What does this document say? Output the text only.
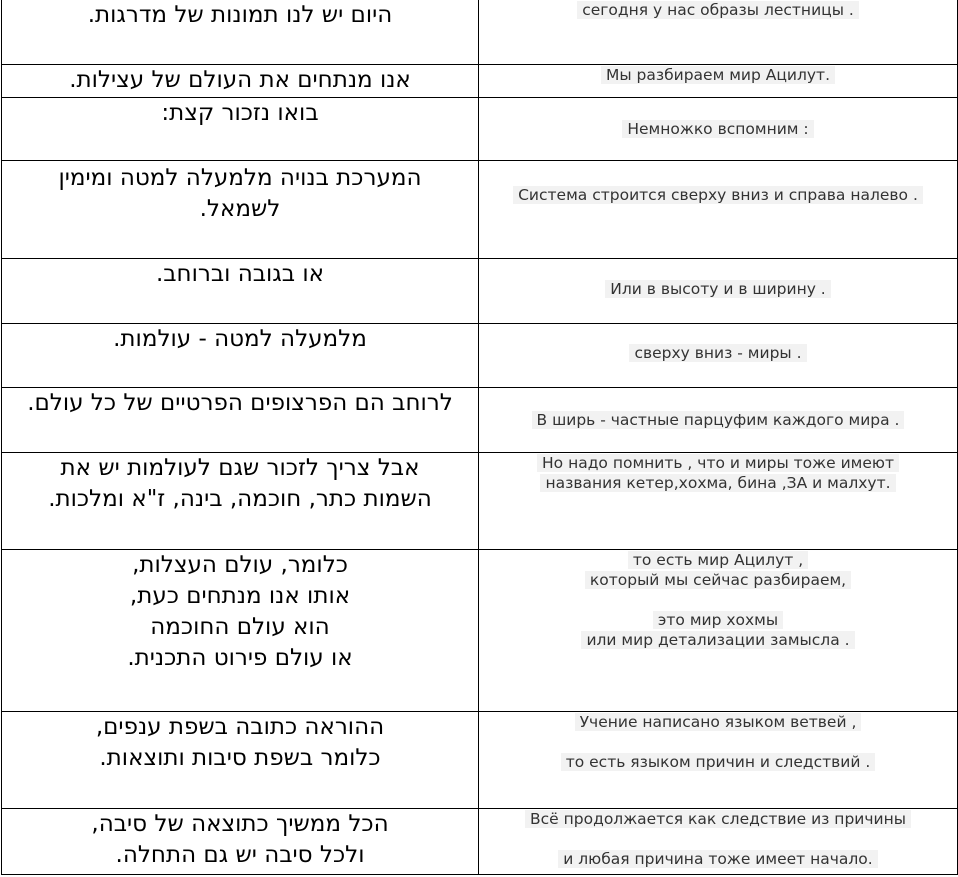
היום יש לנו תמונות של מדרגות.	сегодня у нас образы лестницы .

אנו מנתחים את העולם של עצילות.	Мы разбираем мир Ацилут.

בואו נזכור קצת:	Немножко вспомним :

המערכת בנויה מלמעלה למטה ומימין
לשמאל.	Система строится сверху вниз и справа налево .

או בגובה וברוחב.	Или в высоту и в ширину .

מלמעלה למטה - עולמות.	сверху вниз - миры .

לרוחב הם הפרצופים הפרטיים של כל עולם.	В ширь - частные парцуфим каждого мира .

אבל צריך לזכור שגם לעולמות יש את
השמות כתר, חוכמה, בינה, ז"א ומלכות.	Но надо помнить , что и миры тоже имеют
названия кетер,хохма, бина ,ЗА и малхут.

כלומר, עולם העצלות,
אותו אנו מנתחים כעת,
הוא עולם החוכמה
או עולם פירוט התכנית.	то есть мир Ацилут ,
который мы сейчас разбираем,
это мир хохмы
или мир детализации замысла .

ההוראה כתובה בשפת ענפים,
כלומר בשפת סיבות ותוצאות.	Учение написано языком ветвей ,
то есть языком причин и следствий .

הכל ממשיך כתוצאה של סיבה,
ולכל סיבה יש גם התחלה.	Всё продолжается как следствие из причины
и любая причина тоже имеет начало.
